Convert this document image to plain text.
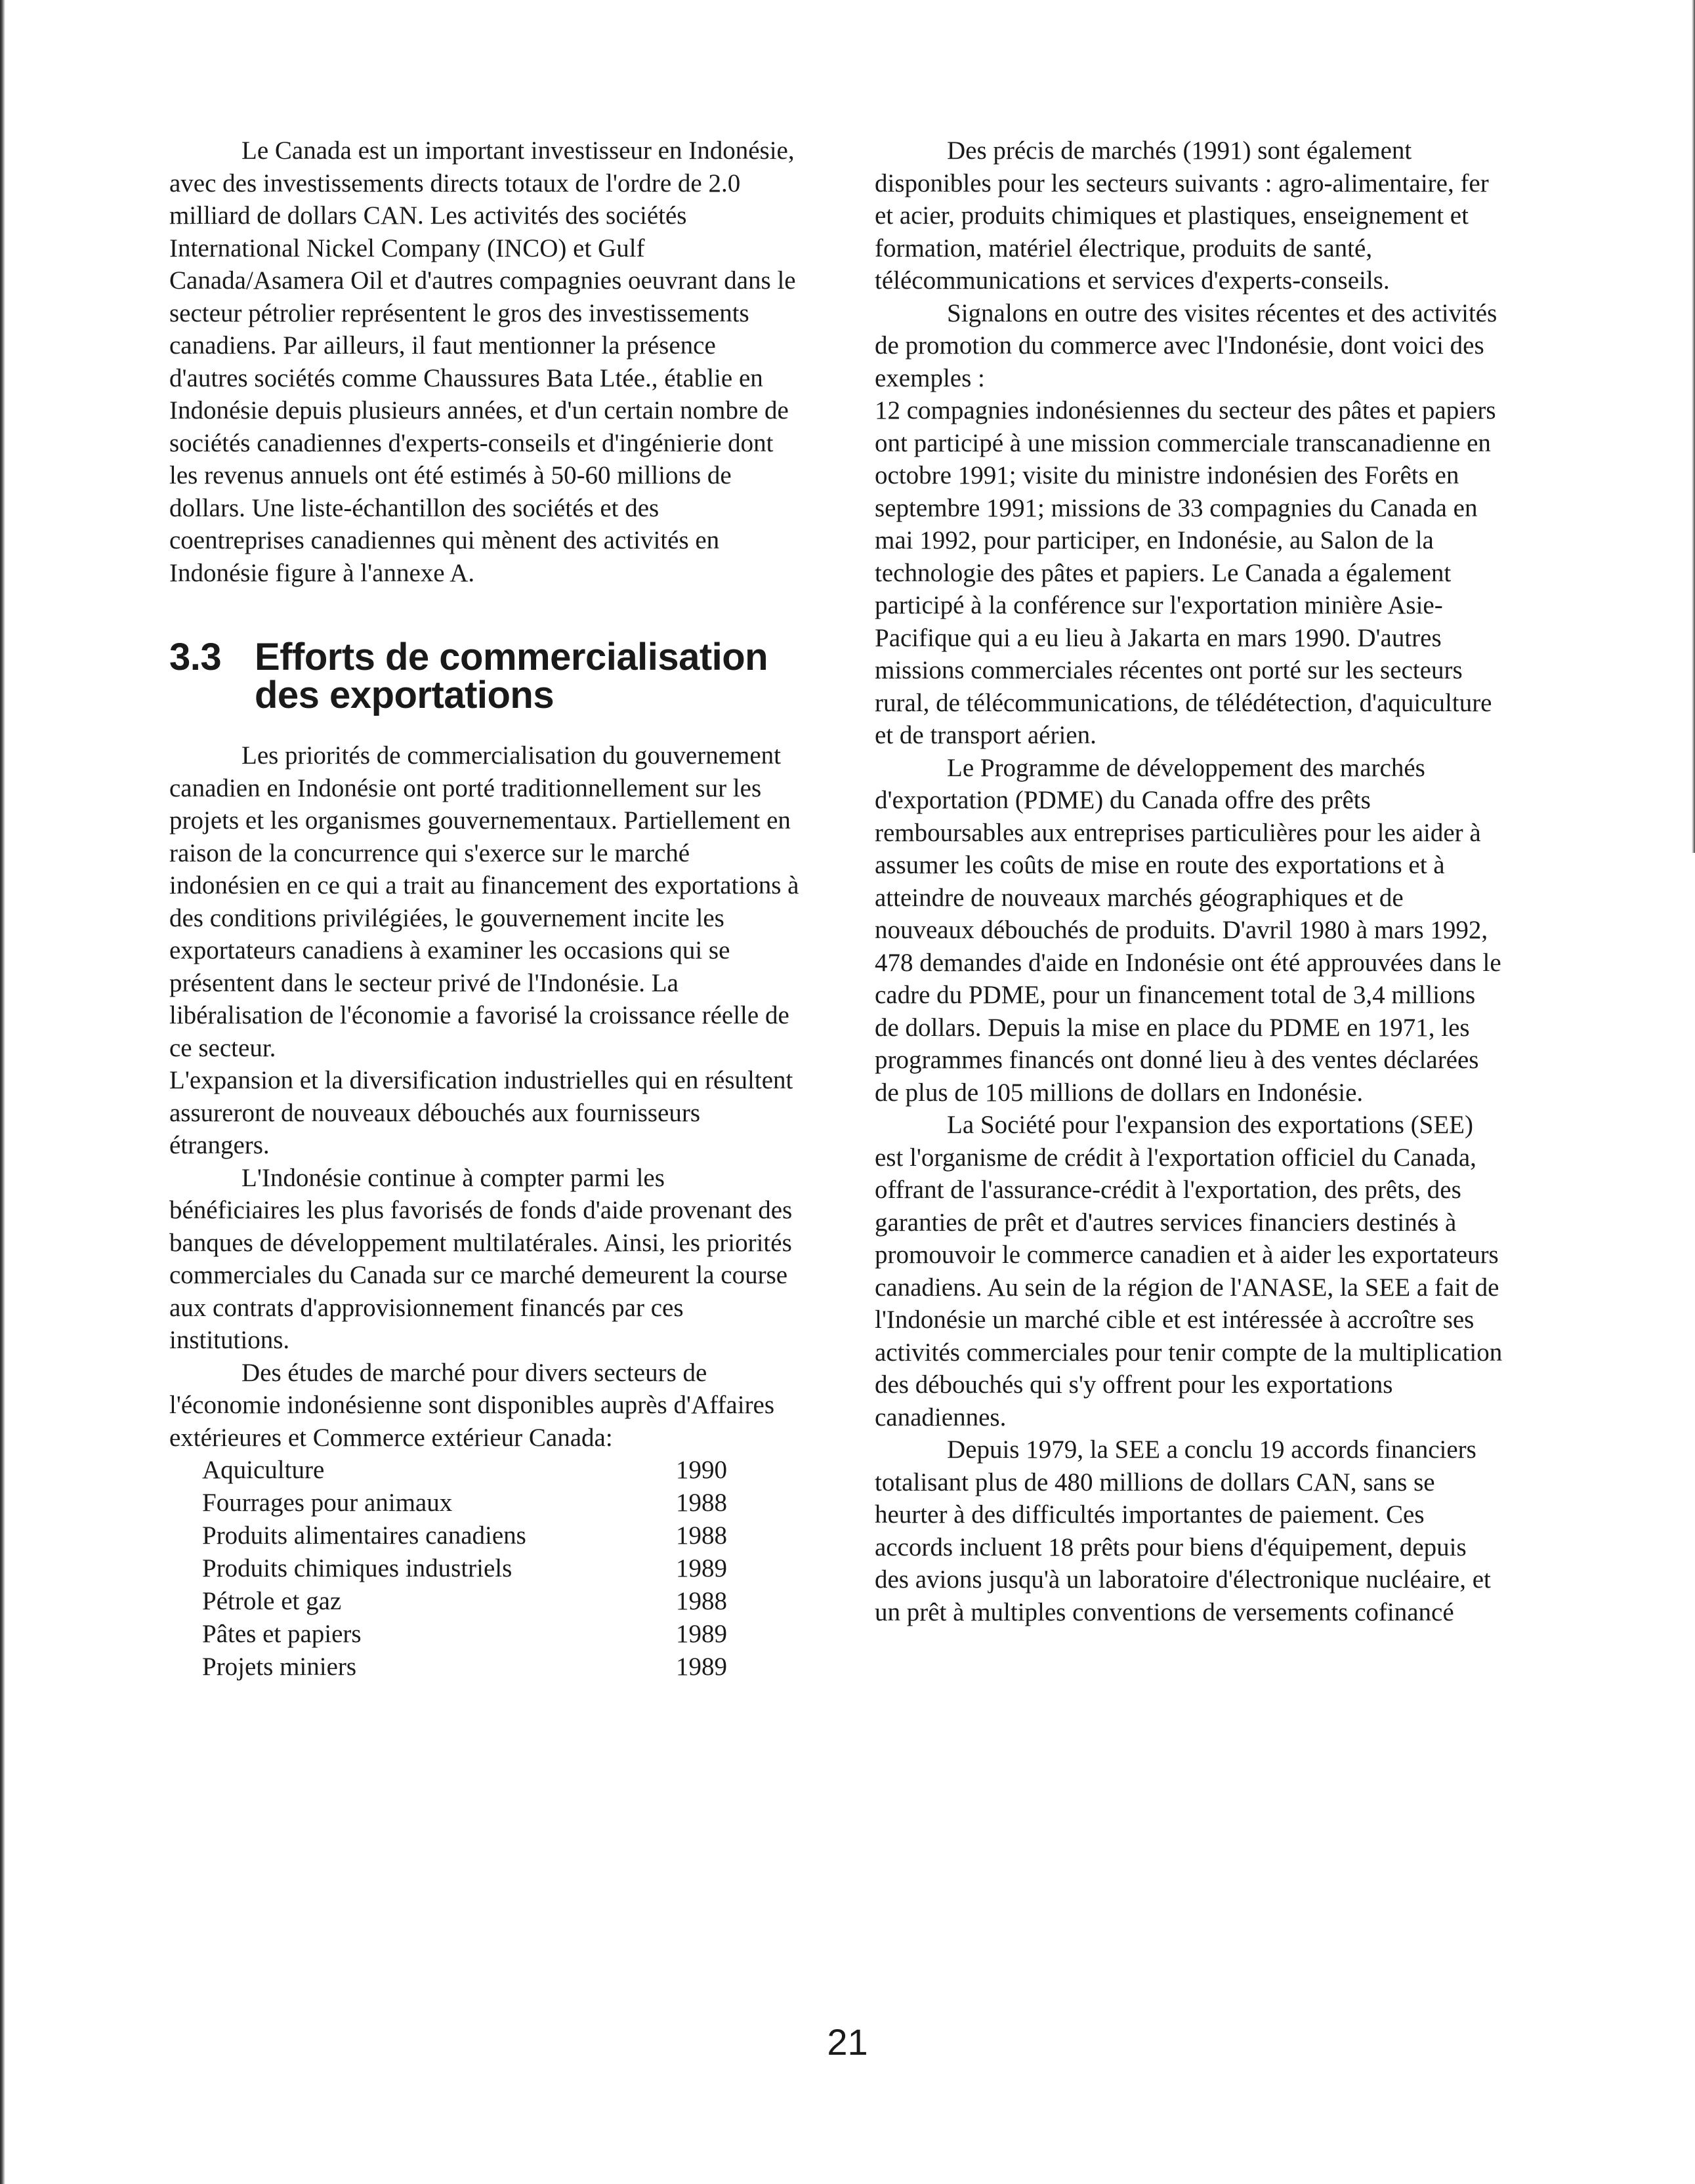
Le Canada est un important investisseur en Indonésie, avec des investissements directs totaux de l'ordre de 2.0 milliard de dollars CAN. Les activités des sociétés International Nickel Company (INCO) et Gulf Canada/Asamera Oil et d'autres compagnies oeuvrant dans le secteur pétrolier représentent le gros des investissements canadiens. Par ailleurs, il faut mentionner la présence d'autres sociétés comme Chaussures Bata Ltée., établie en Indonésie depuis plusieurs années, et d'un certain nombre de sociétés canadiennes d'experts-conseils et d'ingénierie dont les revenus annuels ont été estimés à 50-60 millions de dollars. Une liste-échantillon des sociétés et des coentreprises canadiennes qui mènent des activités en Indonésie figure à l'annexe A.

3.3 Efforts de commercialisation des exportations

Les priorités de commercialisation du gouvernement canadien en Indonésie ont porté traditionnellement sur les projets et les organismes gouvernementaux. Partiellement en raison de la concurrence qui s'exerce sur le marché indonésien en ce qui a trait au financement des exportations à des conditions privilégiées, le gouvernement incite les exportateurs canadiens à examiner les occasions qui se présentent dans le secteur privé de l'Indonésie. La libéralisation de l'économie a favorisé la croissance réelle de ce secteur.

L'expansion et la diversification industrielles qui en résultent assureront de nouveaux débouchés aux fournisseurs étrangers.

L'Indonésie continue à compter parmi les bénéficiaires les plus favorisés de fonds d'aide provenant des banques de développement multilatérales. Ainsi, les priorités commerciales du Canada sur ce marché demeurent la course aux contrats d'approvisionnement financés par ces institutions.

Des études de marché pour divers secteurs de l'économie indonésienne sont disponibles auprès d'Affaires extérieures et Commerce extérieur Canada:

Aquiculture	1990
Fourrages pour animaux	1988
Produits alimentaires canadiens	1988
Produits chimiques industriels	1989
Pétrole et gaz	1988
Pâtes et papiers	1989
Projets miniers	1989

Des précis de marchés (1991) sont également disponibles pour les secteurs suivants : agro-alimentaire, fer et acier, produits chimiques et plastiques, enseignement et formation, matériel électrique, produits de santé, télécommunications et services d'experts-conseils.

Signalons en outre des visites récentes et des activités de promotion du commerce avec l'Indonésie, dont voici des exemples :

12 compagnies indonésiennes du secteur des pâtes et papiers ont participé à une mission commerciale transcanadienne en octobre 1991; visite du ministre indonésien des Forêts en septembre 1991; missions de 33 compagnies du Canada en mai 1992, pour participer, en Indonésie, au Salon de la technologie des pâtes et papiers. Le Canada a également participé à la conférence sur l'exportation minière Asie-Pacifique qui a eu lieu à Jakarta en mars 1990. D'autres missions commerciales récentes ont porté sur les secteurs rural, de télécommunications, de télédétection, d'aquiculture et de transport aérien.

Le Programme de développement des marchés d'exportation (PDME) du Canada offre des prêts remboursables aux entreprises particulières pour les aider à assumer les coûts de mise en route des exportations et à atteindre de nouveaux marchés géographiques et de nouveaux débouchés de produits. D'avril 1980 à mars 1992, 478 demandes d'aide en Indonésie ont été approuvées dans le cadre du PDME, pour un financement total de 3,4 millions de dollars. Depuis la mise en place du PDME en 1971, les programmes financés ont donné lieu à des ventes déclarées de plus de 105 millions de dollars en Indonésie.

La Société pour l'expansion des exportations (SEE) est l'organisme de crédit à l'exportation officiel du Canada, offrant de l'assurance-crédit à l'exportation, des prêts, des garanties de prêt et d'autres services financiers destinés à promouvoir le commerce canadien et à aider les exportateurs canadiens. Au sein de la région de l'ANASE, la SEE a fait de l'Indonésie un marché cible et est intéressée à accroître ses activités commerciales pour tenir compte de la multiplication des débouchés qui s'y offrent pour les exportations canadiennes.

Depuis 1979, la SEE a conclu 19 accords financiers totalisant plus de 480 millions de dollars CAN, sans se heurter à des difficultés importantes de paiement. Ces accords incluent 18 prêts pour biens d'équipement, depuis des avions jusqu'à un laboratoire d'électronique nucléaire, et un prêt à multiples conventions de versements cofinancé

21
